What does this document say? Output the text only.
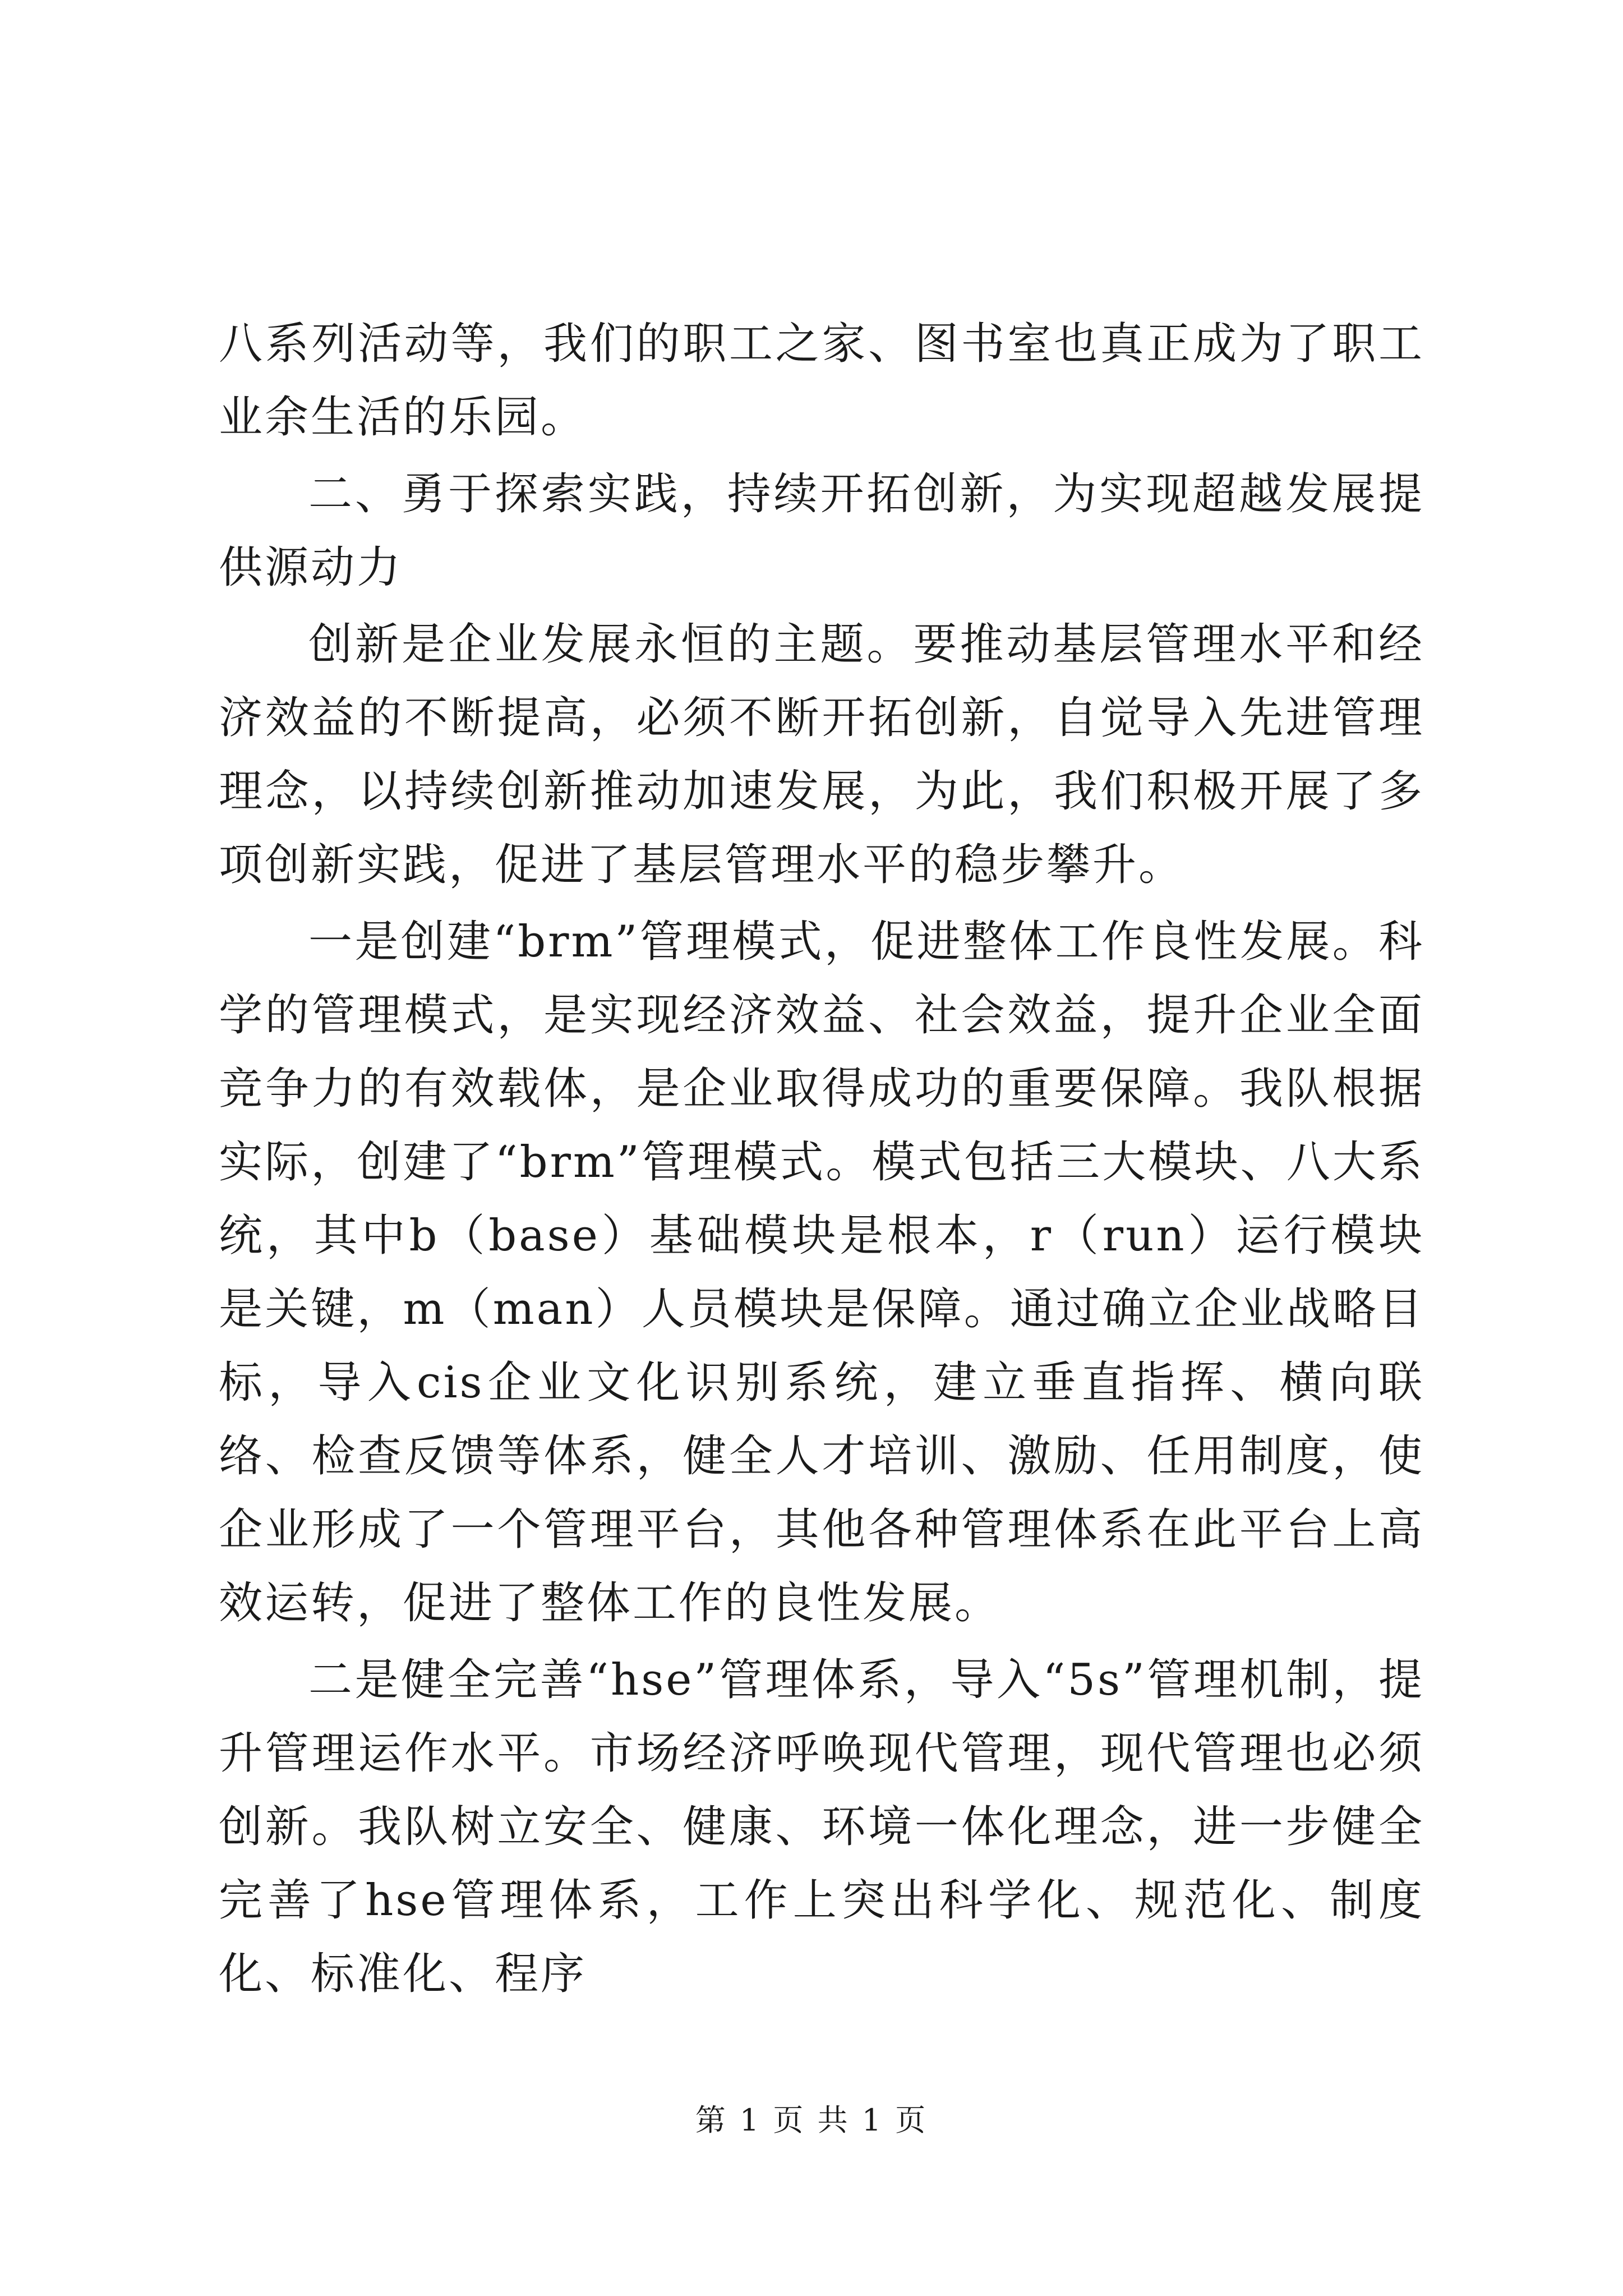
八系列活动等，我们的职工之家、图书室也真正成为了职工业余生活的乐园。

二、勇于探索实践，持续开拓创新，为实现超越发展提供源动力

创新是企业发展永恒的主题。要推动基层管理水平和经济效益的不断提高，必须不断开拓创新，自觉导入先进管理理念，以持续创新推动加速发展，为此，我们积极开展了多项创新实践，促进了基层管理水平的稳步攀升。

一是创建“brm”管理模式，促进整体工作良性发展。科学的管理模式，是实现经济效益、社会效益，提升企业全面竞争力的有效载体，是企业取得成功的重要保障。我队根据实际，创建了“brm”管理模式。模式包括三大模块、八大系统，其中b（base）基础模块是根本，r（run）运行模块是关键，m（man）人员模块是保障。通过确立企业战略目标，导入cis企业文化识别系统，建立垂直指挥、横向联络、检查反馈等体系，健全人才培训、激励、任用制度，使企业形成了一个管理平台，其他各种管理体系在此平台上高效运转，促进了整体工作的良性发展。

二是健全完善“hse”管理体系，导入“5s”管理机制，提升管理运作水平。市场经济呼唤现代管理，现代管理也必须创新。我队树立安全、健康、环境一体化理念，进一步健全完善了hse管理体系，工作上突出科学化、规范化、制度化、标准化、程序

第 1 页 共 1 页
